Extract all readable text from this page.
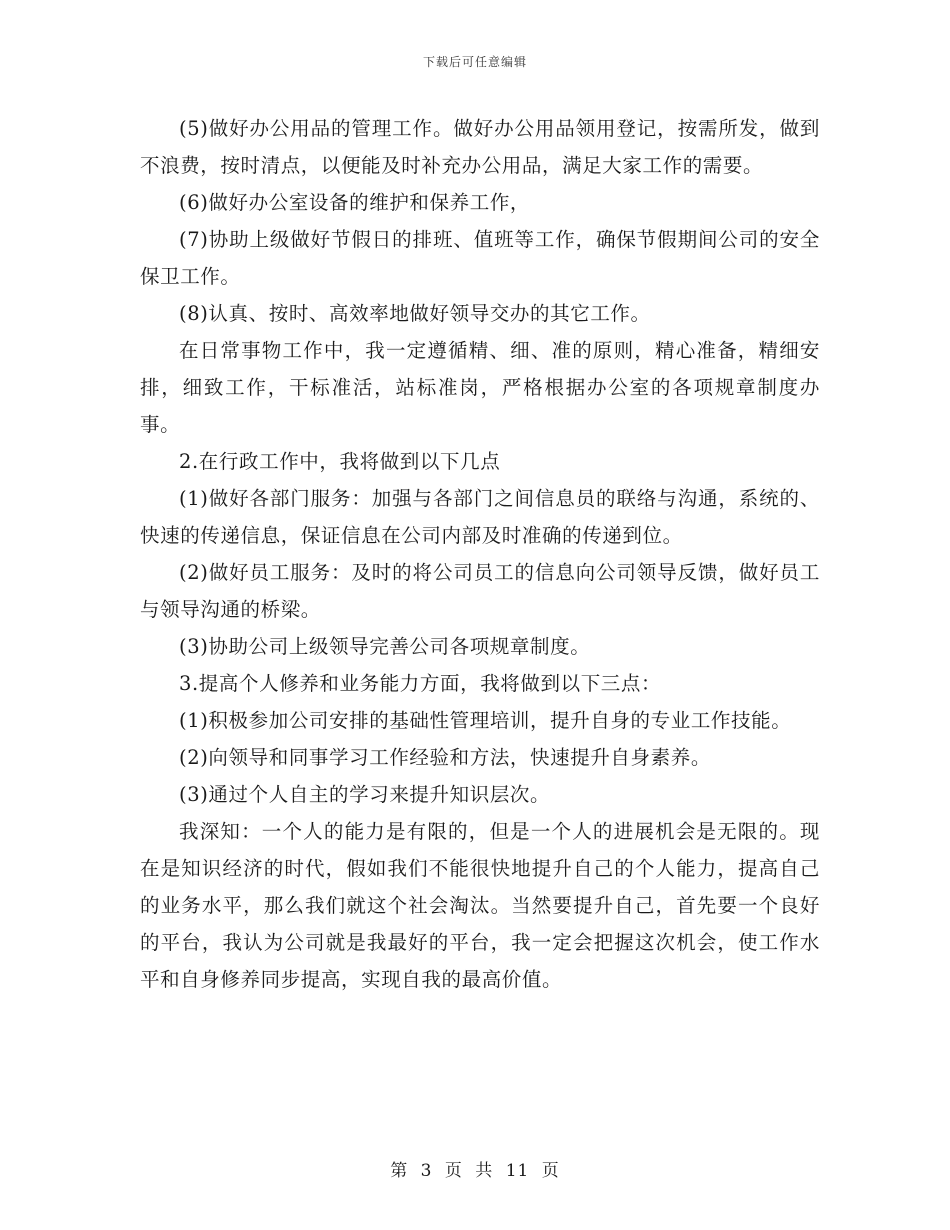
下载后可任意编辑

(5)做好办公用品的管理工作。做好办公用品领用登记，按需所发，做到不浪费，按时清点，以便能及时补充办公用品，满足大家工作的需要。

(6)做好办公室设备的维护和保养工作，

(7)协助上级做好节假日的排班、值班等工作，确保节假期间公司的安全保卫工作。

(8)认真、按时、高效率地做好领导交办的其它工作。

在日常事物工作中，我一定遵循精、细、准的原则，精心准备，精细安排，细致工作，干标准活，站标准岗，严格根据办公室的各项规章制度办事。

2.在行政工作中，我将做到以下几点

(1)做好各部门服务：加强与各部门之间信息员的联络与沟通，系统的、快速的传递信息，保证信息在公司内部及时准确的传递到位。

(2)做好员工服务：及时的将公司员工的信息向公司领导反馈，做好员工与领导沟通的桥梁。

(3)协助公司上级领导完善公司各项规章制度。

3.提高个人修养和业务能力方面，我将做到以下三点：

(1)积极参加公司安排的基础性管理培训，提升自身的专业工作技能。

(2)向领导和同事学习工作经验和方法，快速提升自身素养。

(3)通过个人自主的学习来提升知识层次。

我深知：一个人的能力是有限的，但是一个人的进展机会是无限的。现在是知识经济的时代，假如我们不能很快地提升自己的个人能力，提高自己的业务水平，那么我们就这个社会淘汰。当然要提升自己，首先要一个良好的平台，我认为公司就是我最好的平台，我一定会把握这次机会，使工作水平和自身修养同步提高，实现自我的最高价值。

第 3 页 共 11 页
